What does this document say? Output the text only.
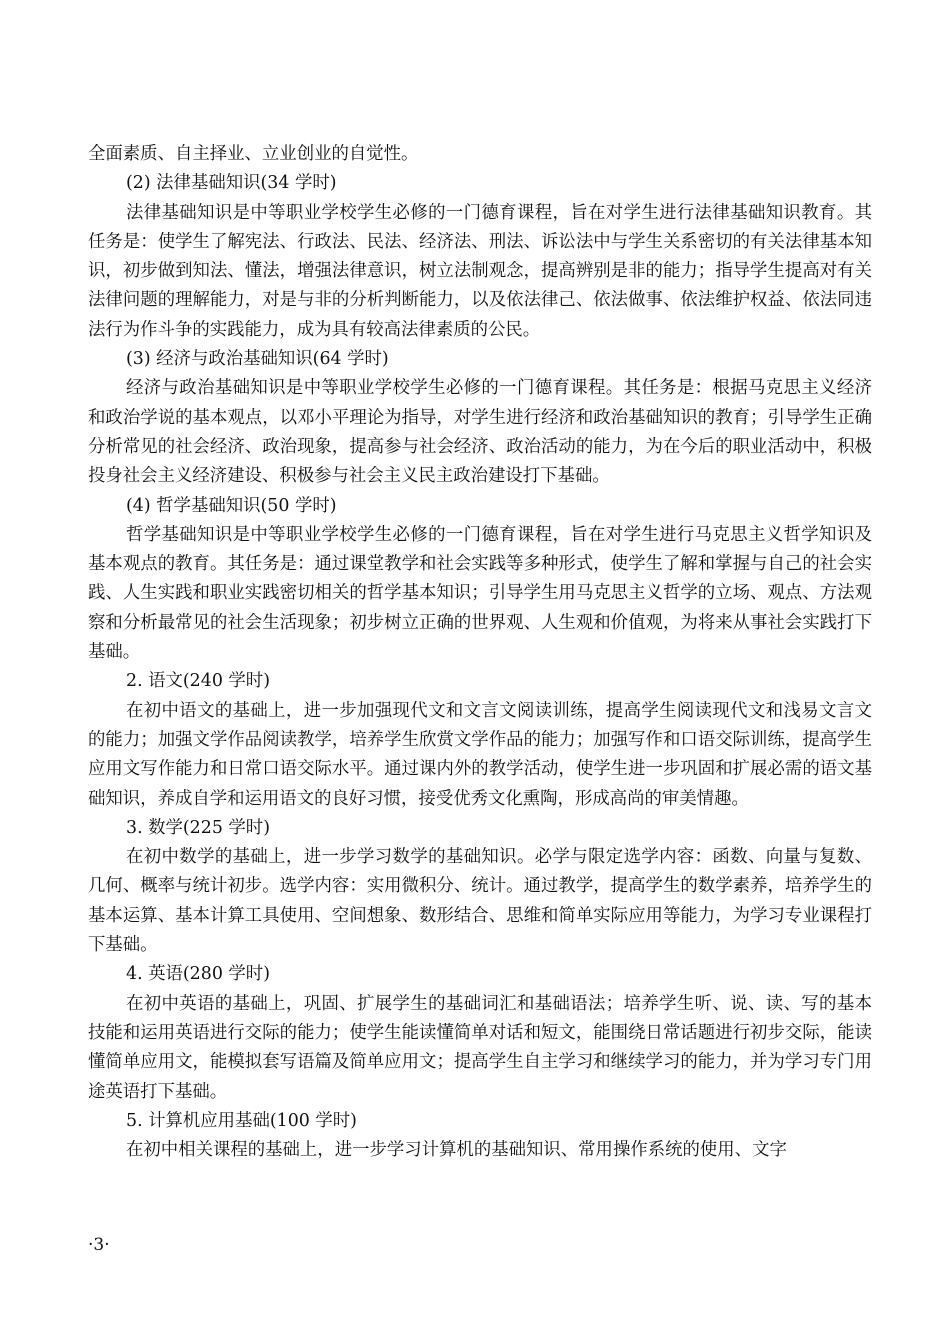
全面素质、自主择业、立业创业的自觉性。

(2) 法律基础知识(34 学时)

法律基础知识是中等职业学校学生必修的一门德育课程，旨在对学生进行法律基础知识教育。其任务是：使学生了解宪法、行政法、民法、经济法、刑法、诉讼法中与学生关系密切的有关法律基本知识，初步做到知法、懂法，增强法律意识，树立法制观念，提高辨别是非的能力；指导学生提高对有关法律问题的理解能力，对是与非的分析判断能力，以及依法律己、依法做事、依法维护权益、依法同违法行为作斗争的实践能力，成为具有较高法律素质的公民。

(3) 经济与政治基础知识(64 学时)

经济与政治基础知识是中等职业学校学生必修的一门德育课程。其任务是：根据马克思主义经济和政治学说的基本观点，以邓小平理论为指导，对学生进行经济和政治基础知识的教育；引导学生正确分析常见的社会经济、政治现象，提高参与社会经济、政治活动的能力，为在今后的职业活动中，积极投身社会主义经济建设、积极参与社会主义民主政治建设打下基础。

(4) 哲学基础知识(50 学时)

哲学基础知识是中等职业学校学生必修的一门德育课程，旨在对学生进行马克思主义哲学知识及基本观点的教育。其任务是：通过课堂教学和社会实践等多种形式，使学生了解和掌握与自己的社会实践、人生实践和职业实践密切相关的哲学基本知识；引导学生用马克思主义哲学的立场、观点、方法观察和分析最常见的社会生活现象；初步树立正确的世界观、人生观和价值观，为将来从事社会实践打下基础。

2. 语文(240 学时)

在初中语文的基础上，进一步加强现代文和文言文阅读训练，提高学生阅读现代文和浅易文言文的能力；加强文学作品阅读教学，培养学生欣赏文学作品的能力；加强写作和口语交际训练，提高学生应用文写作能力和日常口语交际水平。通过课内外的教学活动，使学生进一步巩固和扩展必需的语文基础知识，养成自学和运用语文的良好习惯，接受优秀文化熏陶，形成高尚的审美情趣。

3. 数学(225 学时)

在初中数学的基础上，进一步学习数学的基础知识。必学与限定选学内容：函数、向量与复数、几何、概率与统计初步。选学内容：实用微积分、统计。通过教学，提高学生的数学素养，培养学生的基本运算、基本计算工具使用、空间想象、数形结合、思维和简单实际应用等能力，为学习专业课程打下基础。

4. 英语(280 学时)

在初中英语的基础上，巩固、扩展学生的基础词汇和基础语法；培养学生听、说、读、写的基本技能和运用英语进行交际的能力；使学生能读懂简单对话和短文，能围绕日常话题进行初步交际，能读懂简单应用文，能模拟套写语篇及简单应用文；提高学生自主学习和继续学习的能力，并为学习专门用途英语打下基础。

5. 计算机应用基础(100 学时)

在初中相关课程的基础上，进一步学习计算机的基础知识、常用操作系统的使用、文字

·3·
